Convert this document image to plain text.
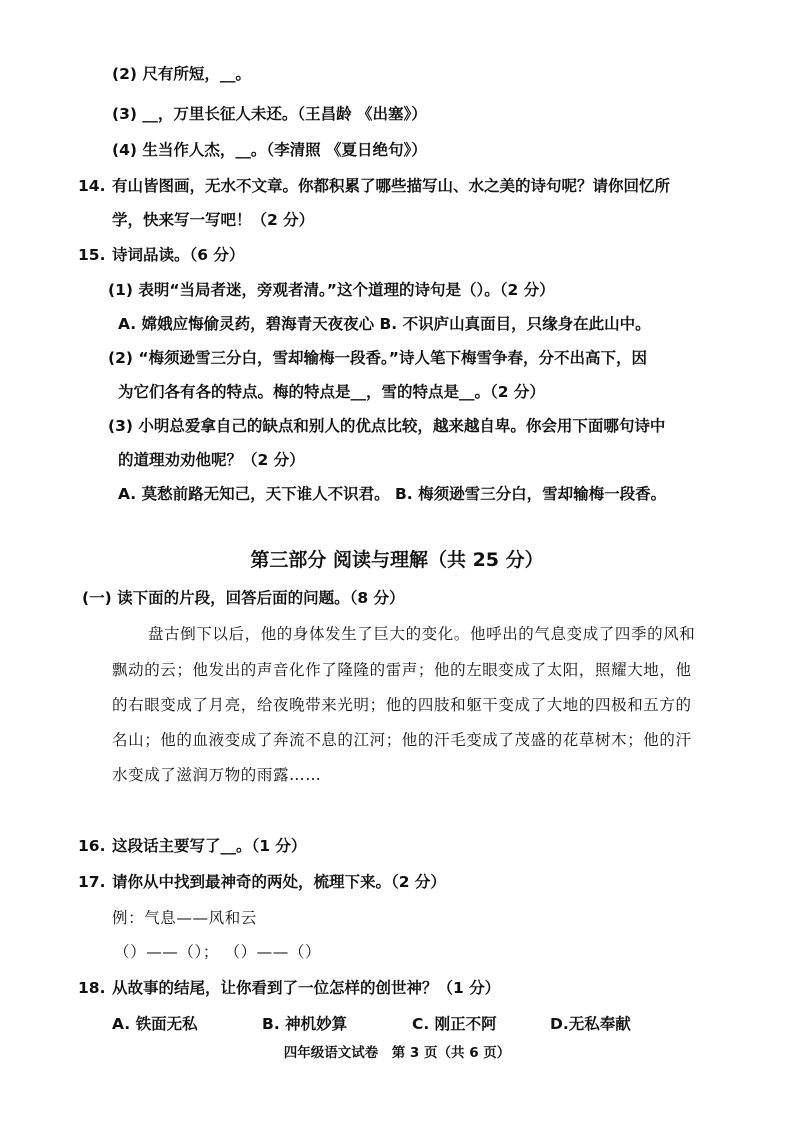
(2) 尺有所短，__。
(3) __，万里长征人未还。（王昌龄 《出塞》）
(4) 生当作人杰，__。（李清照 《夏日绝句》）
14. 有山皆图画，无水不文章。你都积累了哪些描写山、水之美的诗句呢？请你回忆所
学，快来写一写吧！（2 分）
15. 诗词品读。（6 分）
(1) 表明“当局者迷，旁观者清。”这个道理的诗句是（）。（2 分）
A. 嫦娥应悔偷灵药，碧海青天夜夜心 B. 不识庐山真面目，只缘身在此山中。
(2) “梅须逊雪三分白，雪却输梅一段香。”诗人笔下梅雪争春，分不出高下，因
为它们各有各的特点。梅的特点是__，雪的特点是__。（2 分）
(3) 小明总爱拿自己的缺点和别人的优点比较，越来越自卑。你会用下面哪句诗中
的道理劝劝他呢？（2 分）
A. 莫愁前路无知己，天下谁人不识君。 B. 梅须逊雪三分白，雪却输梅一段香。
第三部分 阅读与理解（共 25 分）
(一) 读下面的片段，回答后面的问题。（8 分）
盘古倒下以后，他的身体发生了巨大的变化。他呼出的气息变成了四季的风和
飘动的云；他发出的声音化作了隆隆的雷声；他的左眼变成了太阳，照耀大地，他
的右眼变成了月亮，给夜晚带来光明；他的四肢和躯干变成了大地的四极和五方的
名山；他的血液变成了奔流不息的江河；他的汗毛变成了茂盛的花草树木；他的汗
水变成了滋润万物的雨露……
16. 这段话主要写了__。（1 分）
17. 请你从中找到最神奇的两处，梳理下来。（2 分）
例：气息——风和云
（）——（）； （）——（）
18. 从故事的结尾，让你看到了一位怎样的创世神？（1 分）
A. 铁面无私	B. 神机妙算	C. 刚正不阿	D.无私奉献
四年级语文试卷　第 3 页（共 6 页）
